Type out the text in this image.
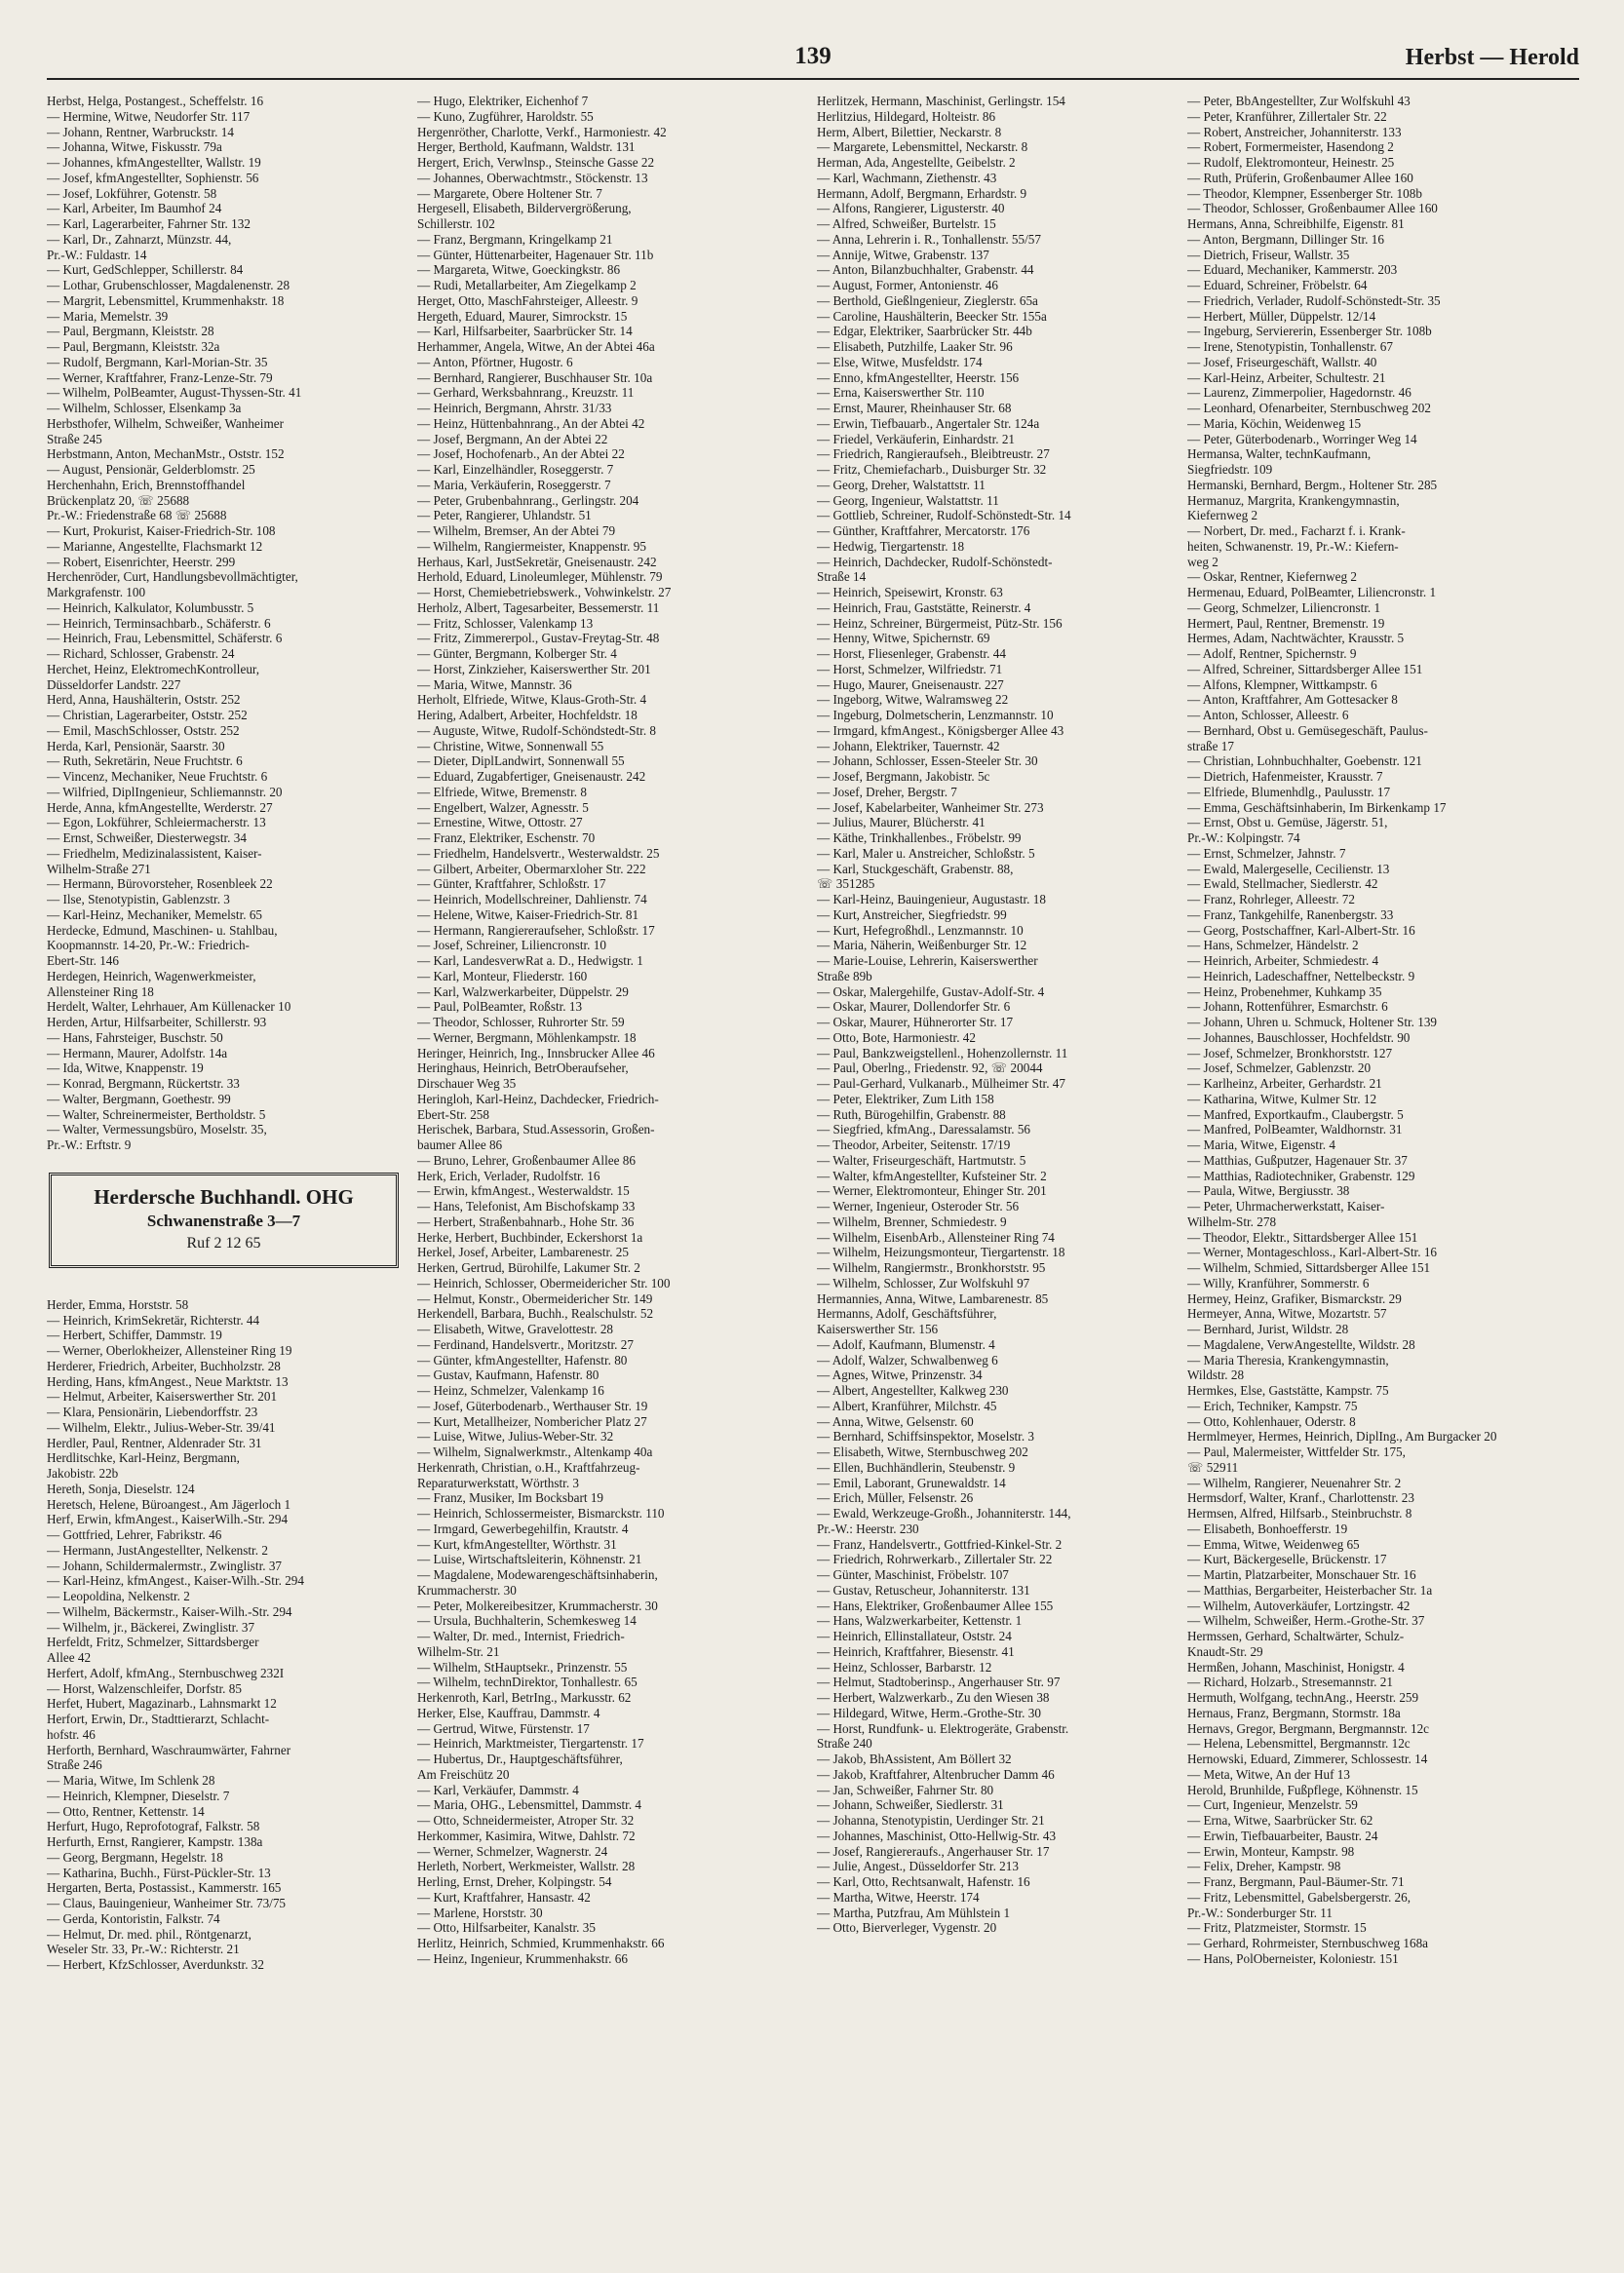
139	Herbst — Herold
Herbst, Helga, Postangest., Scheffelstr. 16
— Hermine, Witwe, Neudorfer Str. 117
— Johann, Rentner, Warbruckstr. 14
— Johanna, Witwe, Fiskusstr. 79a
— Johannes, kfmAngestellter, Wallstr. 19
— Josef, kfmAngestellter, Sophienstr. 56
— Josef, Lokführer, Gotenstr. 58
— Karl, Arbeiter, Im Baumhof 24
— Karl, Lagerarbeiter, Fahrner Str. 132
— Karl, Dr., Zahnarzt, Münzstr. 44,
Pr.-W.: Fuldastr. 14
— Kurt, GedSchlepper, Schillerstr. 84
— Lothar, Grubenschlosser, Magdalenenstr. 28
— Margrit, Lebensmittel, Krummenhakstr. 18
— Maria, Memelstr. 39
— Paul, Bergmann, Kleiststr. 28
— Paul, Bergmann, Kleiststr. 32a
— Rudolf, Bergmann, Karl-Morian-Str. 35
— Werner, Kraftfahrer, Franz-Lenze-Str. 79
— Wilhelm, PolBeamter, August-Thyssen-Str. 41
— Wilhelm, Schlosser, Elsenkamp 3a
Herbsthofer, Wilhelm, Schweißer, Wanheimer
Straße 245
Herbstmann, Anton, MechanMstr., Oststr. 152
— August, Pensionär, Gelderblomstr. 25
Herchenhahn, Erich, Brennstoffhandel
Brückenplatz 20, ☏ 25688
Pr.-W.: Friedenstraße 68 ☏ 25688
— Kurt, Prokurist, Kaiser-Friedrich-Str. 108
— Marianne, Angestellte, Flachsmarkt 12
— Robert, Eisenrichter, Heerstr. 299
Herchenröder, Curt, Handlungsbevollmächtigter,
Markgrafenstr. 100
— Heinrich, Kalkulator, Kolumbusstr. 5
— Heinrich, Terminsachbarb., Schäferstr. 6
— Heinrich, Frau, Lebensmittel, Schäferstr. 6
— Richard, Schlosser, Grabenstr. 24
Herchet, Heinz, ElektromechKontrolleur,
Düsseldorfer Landstr. 227
Herd, Anna, Haushälterin, Oststr. 252
— Christian, Lagerarbeiter, Oststr. 252
— Emil, MaschSchlosser, Oststr. 252
Herda, Karl, Pensionär, Saarstr. 30
— Ruth, Sekretärin, Neue Fruchtstr. 6
— Vincenz, Mechaniker, Neue Fruchtstr. 6
— Wilfried, DiplIngenieur, Schliemannstr. 20
Herde, Anna, kfmAngestellte, Werderstr. 27
— Egon, Lokführer, Schleiermacherstr. 13
— Ernst, Schweißer, Diesterwegstr. 34
— Friedhelm, Medizinalassistent, Kaiser-
Wilhelm-Straße 271
— Hermann, Bürovorsteher, Rosenbleek 22
— Ilse, Stenotypistin, Gablenzstr. 3
— Karl-Heinz, Mechaniker, Memelstr. 65
Herdecke, Edmund, Maschinen- u. Stahlbau,
Koopmannstr. 14-20, Pr.-W.: Friedrich-
Ebert-Str. 146
Herdegen, Heinrich, Wagenwerkmeister,
Allensteiner Ring 18
Herdelt, Walter, Lehrhauer, Am Küllenacker 10
Herden, Artur, Hilfsarbeiter, Schillerstr. 93
— Hans, Fahrsteiger, Buschstr. 50
— Hermann, Maurer, Adolfstr. 14a
— Ida, Witwe, Knappenstr. 19
— Konrad, Bergmann, Rückertstr. 33
— Walter, Bergmann, Goethestr. 99
— Walter, Schreinermeister, Bertholdstr. 5
— Walter, Vermessungsbüro, Moselstr. 35,
Pr.-W.: Erftstr. 9
Herdersche Buchhandl. OHG
Schwanenstraße 3—7
Ruf 2 12 65
Herder, Emma, Horststr. 58
— Heinrich, KrimSekretär, Richterstr. 44
— Herbert, Schiffer, Dammstr. 19
— Werner, Oberlokheizer, Allensteiner Ring 19
Herderer, Friedrich, Arbeiter, Buchholzstr. 28
Herding, Hans, kfmAngest., Neue Marktstr. 13
— Helmut, Arbeiter, Kaiserswerther Str. 201
— Klara, Pensionärin, Liebendorffstr. 23
— Wilhelm, Elektr., Julius-Weber-Str. 39/41
Herdler, Paul, Rentner, Aldenrader Str. 31
Herdlitschke, Karl-Heinz, Bergmann,
Jakobistr. 22b
Hereth, Sonja, Dieselstr. 124
Heretsch, Helene, Büroangest., Am Jägerloch 1
Herf, Erwin, kfmAngest., KaiserWilh.-Str. 294
— Gottfried, Lehrer, Fabrikstr. 46
— Hermann, JustAngestellter, Nelkenstr. 2
— Johann, Schildermalermstr., Zwinglistr. 37
— Karl-Heinz, kfmAngest., Kaiser-Wilh.-Str. 294
— Leopoldina, Nelkenstr. 2
— Wilhelm, Bäckermstr., Kaiser-Wilh.-Str. 294
— Wilhelm, jr., Bäckerei, Zwinglistr. 37
Herfeldt, Fritz, Schmelzer, Sittardsberger
Allee 42
Herfert, Adolf, kfmAng., Sternbuschweg 232I
— Horst, Walzenschleifer, Dorfstr. 85
Herfet, Hubert, Magazinarb., Lahnsmarkt 12
Herfort, Erwin, Dr., Stadttierarzt, Schlacht-
hofstr. 46
Herforth, Bernhard, Waschraumwärter, Fahrner
Straße 246
— Maria, Witwe, Im Schlenk 28
— Heinrich, Klempner, Dieselstr. 7
— Otto, Rentner, Kettenstr. 14
Herfurt, Hugo, Reprofotograf, Falkstr. 58
Herfurth, Ernst, Rangierer, Kampstr. 138a
— Georg, Bergmann, Hegelstr. 18
— Katharina, Buchh., Fürst-Pückler-Str. 13
Hergarten, Berta, Postassist., Kammerstr. 165
— Claus, Bauingenieur, Wanheimer Str. 73/75
— Gerda, Kontoristin, Falkstr. 74
— Helmut, Dr. med. phil., Röntgenarzt,
Weseler Str. 33, Pr.-W.: Richterstr. 21
— Herbert, KfzSchlosser, Averdunkstr. 32
— Hugo, Elektriker, Eichenhof 7
— Kuno, Zugführer, Haroldstr. 55
Hergenröther, Charlotte, Verkf., Harmoniestr. 42
Herger, Berthold, Kaufmann, Waldstr. 131
Hergert, Erich, Verwlnsp., Steinsche Gasse 22
— Johannes, Oberwachtmstr., Stöckenstr. 13
— Margarete, Obere Holtener Str. 7
Hergesell, Elisabeth, Bildervergrößerung,
Schillerstr. 102
— Franz, Bergmann, Kringelkamp 21
— Günter, Hüttenarbeiter, Hagenauer Str. 11b
— Margareta, Witwe, Goeckingkstr. 86
— Rudi, Metallarbeiter, Am Ziegelkamp 2
Herget, Otto, MaschFahrsteiger, Alleestr. 9
Hergeth, Eduard, Maurer, Simrockstr. 15
— Karl, Hilfsarbeiter, Saarbrücker Str. 14
Herhammer, Angela, Witwe, An der Abtei 46a
— Anton, Pförtner, Hugostr. 6
— Bernhard, Rangierer, Buschhauser Str. 10a
— Gerhard, Werksbahnrang., Kreuzstr. 11
— Heinrich, Bergmann, Ahrstr. 31/33
— Heinz, Hüttenbahnrang., An der Abtei 42
— Josef, Bergmann, An der Abtei 22
— Josef, Hochofenarb., An der Abtei 22
— Karl, Einzelhändler, Roseggerstr. 7
— Maria, Verkäuferin, Roseggerstr. 7
— Peter, Grubenbahnrang., Gerlingstr. 204
— Peter, Rangierer, Uhlandstr. 51
— Wilhelm, Bremser, An der Abtei 79
— Wilhelm, Rangiermeister, Knappenstr. 95
Herhaus, Karl, JustSekretär, Gneisenaustr. 242
Herhold, Eduard, Linoleumleger, Mühlenstr. 79
— Horst, Chemiebetriebswerk., Vohwinkelstr. 27
Herholz, Albert, Tagesarbeiter, Bessemerstr. 11
— Fritz, Schlosser, Valenkamp 13
— Fritz, Zimmererpol., Gustav-Freytag-Str. 48
— Günter, Bergmann, Kolberger Str. 4
— Horst, Zinkzieher, Kaiserswerther Str. 201
— Maria, Witwe, Mannstr. 36
Herholt, Elfriede, Witwe, Klaus-Groth-Str. 4
Hering, Adalbert, Arbeiter, Hochfeldstr. 18
— Auguste, Witwe, Rudolf-Schöndstedt-Str. 8
— Christine, Witwe, Sonnenwall 55
— Dieter, DiplLandwirt, Sonnenwall 55
— Eduard, Zugabfertiger, Gneisenaustr. 242
— Elfriede, Witwe, Bremenstr. 8
— Engelbert, Walzer, Agnesstr. 5
— Ernestine, Witwe, Ottostr. 27
— Franz, Elektriker, Eschenstr. 70
— Friedhelm, Handelsvertr., Westerwaldstr. 25
— Gilbert, Arbeiter, Obermarxloher Str. 222
— Günter, Kraftfahrer, Schloßstr. 17
— Heinrich, Modellschreiner, Dahlienstr. 74
— Helene, Witwe, Kaiser-Friedrich-Str. 81
— Hermann, Rangiereraufseher, Schloßstr. 17
— Josef, Schreiner, Liliencronstr. 10
— Karl, LandesverwRat a. D., Hedwigstr. 1
— Karl, Monteur, Fliederstr. 160
— Karl, Walzwerkarbeiter, Düppelstr. 29
— Paul, PolBeamter, Roßstr. 13
— Theodor, Schlosser, Ruhrorter Str. 59
— Werner, Bergmann, Möhlenkampstr. 18
Heringer, Heinrich, Ing., Innsbrucker Allee 46
Heringhaus, Heinrich, BetrOberaufseher,
Dirschauer Weg 35
Heringloh, Karl-Heinz, Dachdecker, Friedrich-
Ebert-Str. 258
Herischek, Barbara, Stud.Assessorin, Großen-
baumer Allee 86
— Bruno, Lehrer, Großenbaumer Allee 86
Herk, Erich, Verlader, Rudolfstr. 16
— Erwin, kfmAngest., Westerwaldstr. 15
— Hans, Telefonist, Am Bischofskamp 33
— Herbert, Straßenbahnarb., Hohe Str. 36
Herke, Herbert, Buchbinder, Eckershorst 1a
Herkel, Josef, Arbeiter, Lambarenestr. 25
Herken, Gertrud, Bürohilfe, Lakumer Str. 2
— Heinrich, Schlosser, Obermeidericher Str. 100
— Helmut, Konstr., Obermeidericher Str. 149
Herkendell, Barbara, Buchh., Realschulstr. 52
— Elisabeth, Witwe, Gravelottestr. 28
— Ferdinand, Handelsvertr., Moritzstr. 27
— Günter, kfmAngestellter, Hafenstr. 80
— Gustav, Kaufmann, Hafenstr. 80
— Heinz, Schmelzer, Valenkamp 16
— Josef, Güterbodenarb., Werthauser Str. 19
— Kurt, Metallheizer, Nombericher Platz 27
— Luise, Witwe, Julius-Weber-Str. 32
— Wilhelm, Signalwerkmstr., Altenkamp 40a
Herkenrath, Christian, o.H., Kraftfahrzeug-
Reparaturwerkstatt, Wörthstr. 3
— Franz, Musiker, Im Bocksbart 19
— Heinrich, Schlossermeister, Bismarckstr. 110
— Irmgard, Gewerbegehilfin, Krautstr. 4
— Kurt, kfmAngestellter, Wörthstr. 31
— Luise, Wirtschaftsleiterin, Köhnenstr. 21
— Magdalene, Modewarengeschäftsinhaberin,
Krummacherstr. 30
— Peter, Molkereibesitzer, Krummacherstr. 30
— Ursula, Buchhalterin, Schemkesweg 14
— Walter, Dr. med., Internist, Friedrich-
Wilhelm-Str. 21
— Wilhelm, StHauptsekr., Prinzenstr. 55
— Wilhelm, technDirektor, Tonhallestr. 65
Herkenroth, Karl, BetrIng., Markusstr. 62
Herker, Else, Kauffrau, Dammstr. 4
— Gertrud, Witwe, Fürstenstr. 17
— Heinrich, Marktmeister, Tiergartenstr. 17
— Hubertus, Dr., Hauptgeschäftsführer,
Am Freischütz 20
— Karl, Verkäufer, Dammstr. 4
— Maria, OHG., Lebensmittel, Dammstr. 4
— Otto, Schneidermeister, Atroper Str. 32
Herkommer, Kasimira, Witwe, Dahlstr. 72
— Werner, Schmelzer, Wagnerstr. 24
Herleth, Norbert, Werkmeister, Wallstr. 28
Herling, Ernst, Dreher, Kolpingstr. 54
— Kurt, Kraftfahrer, Hansastr. 42
— Marlene, Horststr. 30
— Otto, Hilfsarbeiter, Kanalstr. 35
Herlitz, Heinrich, Schmied, Krummenhakstr. 66
— Heinz, Ingenieur, Krummenhakstr. 66
Herlitzek, Hermann, Maschinist, Gerlingstr. 154
Herlitzius, Hildegard, Holteistr. 86
Herm, Albert, Bilettier, Neckarstr. 8
— Margarete, Lebensmittel, Neckarstr. 8
Herman, Ada, Angestellte, Geibelstr. 2
— Karl, Wachmann, Ziethenstr. 43
Hermann, Adolf, Bergmann, Erhardstr. 9
— Alfons, Rangierer, Ligusterstr. 40
— Alfred, Schweißer, Burtelstr. 15
— Anna, Lehrerin i. R., Tonhallenstr. 55/57
— Annije, Witwe, Grabenstr. 137
— Anton, Bilanzbuchhalter, Grabenstr. 44
— August, Former, Antonienstr. 46
— Berthold, Gießlngenieur, Zieglerstr. 65a
— Caroline, Haushälterin, Beecker Str. 155a
— Edgar, Elektriker, Saarbrücker Str. 44b
— Elisabeth, Putzhilfe, Laaker Str. 96
— Else, Witwe, Musfeldstr. 174
— Enno, kfmAngestellter, Heerstr. 156
— Erna, Kaiserswerther Str. 110
— Ernst, Maurer, Rheinhauser Str. 68
— Erwin, Tiefbauarb., Angertaler Str. 124a
— Friedel, Verkäuferin, Einhardstr. 21
— Friedrich, Rangieraufseh., Bleibtreustr. 27
— Fritz, Chemiefacharb., Duisburger Str. 32
— Georg, Dreher, Walstattstr. 11
— Georg, Ingenieur, Walstattstr. 11
— Gottlieb, Schreiner, Rudolf-Schönstedt-Str. 14
— Günther, Kraftfahrer, Mercatorstr. 176
— Hedwig, Tiergartenstr. 18
— Heinrich, Dachdecker, Rudolf-Schönstedt-
Straße 14
— Heinrich, Speisewirt, Kronstr. 63
— Heinrich, Frau, Gaststätte, Reinerstr. 4
— Heinz, Schreiner, Bürgermeist, Pütz-Str. 156
— Henny, Witwe, Spichernstr. 69
— Horst, Fliesenleger, Grabenstr. 44
— Horst, Schmelzer, Wilfriedstr. 71
— Hugo, Maurer, Gneisenaustr. 227
— Ingeborg, Witwe, Walramsweg 22
— Ingeburg, Dolmetscherin, Lenzmannstr. 10
— Irmgard, kfmAngest., Königsberger Allee 43
— Johann, Elektriker, Tauernstr. 42
— Johann, Schlosser, Essen-Steeler Str. 30
— Josef, Bergmann, Jakobistr. 5c
— Josef, Dreher, Bergstr. 7
— Josef, Kabelarbeiter, Wanheimer Str. 273
— Julius, Maurer, Blücherstr. 41
— Käthe, Trinkhallenbes., Fröbelstr. 99
— Karl, Maler u. Anstreicher, Schloßstr. 5
— Karl, Stuckgeschäft, Grabenstr. 88,
☏ 351285
— Karl-Heinz, Bauingenieur, Augustastr. 18
— Kurt, Anstreicher, Siegfriedstr. 99
— Kurt, Hefegroßhdl., Lenzmannstr. 10
— Maria, Näherin, Weißenburger Str. 12
— Marie-Louise, Lehrerin, Kaiserswerther
Straße 89b
— Oskar, Malergehilfe, Gustav-Adolf-Str. 4
— Oskar, Maurer, Dollendorfer Str. 6
— Oskar, Maurer, Hühnerorter Str. 17
— Otto, Bote, Harmoniestr. 42
— Paul, Bankzweigstellenl., Hohenzollernstr. 11
— Paul, Oberlng., Friedenstr. 92, ☏ 20044
— Paul-Gerhard, Vulkanarb., Mülheimer Str. 47
— Peter, Elektriker, Zum Lith 158
— Ruth, Bürogehilfin, Grabenstr. 88
— Siegfried, kfmAng., Daressalamstr. 56
— Theodor, Arbeiter, Seitenstr. 17/19
— Walter, Friseurgeschäft, Hartmutstr. 5
— Walter, kfmAngestellter, Kufsteiner Str. 2
— Werner, Elektromonteur, Ehinger Str. 201
— Werner, Ingenieur, Osteroder Str. 56
— Wilhelm, Brenner, Schmiedestr. 9
— Wilhelm, EisenbArb., Allensteiner Ring 74
— Wilhelm, Heizungsmonteur, Tiergartenstr. 18
— Wilhelm, Rangiermstr., Bronkhorststr. 95
— Wilhelm, Schlosser, Zur Wolfskuhl 97
Hermannies, Anna, Witwe, Lambarenestr. 85
Hermanns, Adolf, Geschäftsführer,
Kaiserswerther Str. 156
— Adolf, Kaufmann, Blumenstr. 4
— Adolf, Walzer, Schwalbenweg 6
— Agnes, Witwe, Prinzenstr. 34
— Albert, Angestellter, Kalkweg 230
— Albert, Kranführer, Milchstr. 45
— Anna, Witwe, Gelsenstr. 60
— Bernhard, Schiffsinspektor, Moselstr. 3
— Elisabeth, Witwe, Sternbuschweg 202
— Ellen, Buchhändlerin, Steubenstr. 9
— Emil, Laborant, Grunewaldstr. 14
— Erich, Müller, Felsenstr. 26
— Ewald, Werkzeuge-Großh., Johanniterstr. 144,
Pr.-W.: Heerstr. 230
— Franz, Handelsvertr., Gottfried-Kinkel-Str. 2
— Friedrich, Rohrwerkarb., Zillertaler Str. 22
— Günter, Maschinist, Fröbelstr. 107
— Gustav, Retuscheur, Johanniterstr. 131
— Hans, Elektriker, Großenbaumer Allee 155
— Hans, Walzwerkarbeiter, Kettenstr. 1
— Heinrich, Ellinstallateur, Oststr. 24
— Heinrich, Kraftfahrer, Biesenstr. 41
— Heinz, Schlosser, Barbarstr. 12
— Helmut, Stadtoberinsp., Angerhauser Str. 97
— Herbert, Walzwerkarb., Zu den Wiesen 38
— Hildegard, Witwe, Herm.-Grothe-Str. 30
— Horst, Rundfunk- u. Elektrogeräte, Grabenstr.
Straße 240
— Jakob, BhAssistent, Am Böllert 32
— Jakob, Kraftfahrer, Altenbrucher Damm 46
— Jan, Schweißer, Fahrner Str. 80
— Johann, Schweißer, Siedlerstr. 31
— Johanna, Stenotypistin, Uerdinger Str. 21
— Johannes, Maschinist, Otto-Hellwig-Str. 43
— Josef, Rangiereraufs., Angerhauser Str. 17
— Julie, Angest., Düsseldorfer Str. 213
— Karl, Otto, Rechtsanwalt, Hafenstr. 16
— Martha, Witwe, Heerstr. 174
— Martha, Putzfrau, Am Mühlstein 1
— Otto, Bierverleger, Vygenstr. 20
— Peter, BbAngestellter, Zur Wolfskuhl 43
— Peter, Kranführer, Zillertaler Str. 22
— Robert, Anstreicher, Johanniterstr. 133
— Robert, Formermeister, Hasendong 2
— Rudolf, Elektromonteur, Heinestr. 25
— Ruth, Prüferin, Großenbaumer Allee 160
— Theodor, Klempner, Essenberger Str. 108b
— Theodor, Schlosser, Großenbaumer Allee 160
Hermans, Anna, Schreibhilfe, Eigenstr. 81
— Anton, Bergmann, Dillinger Str. 16
— Dietrich, Friseur, Wallstr. 35
— Eduard, Mechaniker, Kammerstr. 203
— Eduard, Schreiner, Fröbelstr. 64
— Friedrich, Verlader, Rudolf-Schönstedt-Str. 35
— Herbert, Müller, Düppelstr. 12/14
— Ingeburg, Serviererin, Essenberger Str. 108b
— Irene, Stenotypistin, Tonhallenstr. 67
— Josef, Friseurgeschäft, Wallstr. 40
— Karl-Heinz, Arbeiter, Schultestr. 21
— Laurenz, Zimmerpolier, Hagedornstr. 46
— Leonhard, Ofenarbeiter, Sternbuschweg 202
— Maria, Köchin, Weidenweg 15
— Peter, Güterbodenarb., Worringer Weg 14
Hermansa, Walter, technKaufmann,
Siegfriedstr. 109
Hermanski, Bernhard, Bergm., Holtener Str. 285
Hermanuz, Margrita, Krankengymnastin,
Kiefernweg 2
— Norbert, Dr. med., Facharzt f. i. Krank-
heiten, Schwanenstr. 19, Pr.-W.: Kiefern-
weg 2
— Oskar, Rentner, Kiefernweg 2
Hermenau, Eduard, PolBeamter, Liliencronstr. 1
— Georg, Schmelzer, Liliencronstr. 1
Hermert, Paul, Rentner, Bremenstr. 19
Hermes, Adam, Nachtwächter, Krausstr. 5
— Adolf, Rentner, Spichernstr. 9
— Alfred, Schreiner, Sittardsberger Allee 151
— Alfons, Klempner, Wittkampstr. 6
— Anton, Kraftfahrer, Am Gottesacker 8
— Anton, Schlosser, Alleestr. 6
— Bernhard, Obst u. Gemüsegeschäft, Paulus-
straße 17
— Christian, Lohnbuchhalter, Goebenstr. 121
— Dietrich, Hafenmeister, Krausstr. 7
— Elfriede, Blumenhdlg., Paulusstr. 17
— Emma, Geschäftsinhaberin, Im Birkenkamp 17
— Ernst, Obst u. Gemüse, Jägerstr. 51,
Pr.-W.: Kolpingstr. 74
— Ernst, Schmelzer, Jahnstr. 7
— Ewald, Malergeselle, Cecilienstr. 13
— Ewald, Stellmacher, Siedlerstr. 42
— Franz, Rohrleger, Alleestr. 72
— Franz, Tankgehilfe, Ranenbergstr. 33
— Georg, Postschaffner, Karl-Albert-Str. 16
— Hans, Schmelzer, Händelstr. 2
— Heinrich, Arbeiter, Schmiedestr. 4
— Heinrich, Ladeschaffner, Nettelbeckstr. 9
— Heinz, Probenehmer, Kuhkamp 35
— Johann, Rottenführer, Esmarchstr. 6
— Johann, Uhren u. Schmuck, Holtener Str. 139
— Johannes, Bauschlosser, Hochfeldstr. 90
— Josef, Schmelzer, Bronkhorststr. 127
— Josef, Schmelzer, Gablenzstr. 20
— Karlheinz, Arbeiter, Gerhardstr. 21
— Katharina, Witwe, Kulmer Str. 12
— Manfred, Exportkaufm., Claubergstr. 5
— Manfred, PolBeamter, Waldhornstr. 31
— Maria, Witwe, Eigenstr. 4
— Matthias, Gußputzer, Hagenauer Str. 37
— Matthias, Radiotechniker, Grabenstr. 129
— Paula, Witwe, Bergiusstr. 38
— Peter, Uhrmacherwerkstatt, Kaiser-
Wilhelm-Str. 278
— Theodor, Elektr., Sittardsberger Allee 151
— Werner, Montageschloss., Karl-Albert-Str. 16
— Wilhelm, Schmied, Sittardsberger Allee 151
— Willy, Kranführer, Sommerstr. 6
Hermey, Heinz, Grafiker, Bismarckstr. 29
Hermeyer, Anna, Witwe, Mozartstr. 57
— Bernhard, Jurist, Wildstr. 28
— Magdalene, VerwAngestellte, Wildstr. 28
— Maria Theresia, Krankengymnastin,
Wildstr. 28
Hermkes, Else, Gaststätte, Kampstr. 75
— Erich, Techniker, Kampstr. 75
— Otto, Kohlenhauer, Oderstr. 8
Hermlmeyer, Hermes, Heinrich, DiplIng., Am Burgacker 20
— Paul, Malermeister, Wittfelder Str. 175,
☏ 52911
— Wilhelm, Rangierer, Neuenahrer Str. 2
Hermsdorf, Walter, Kranf., Charlottenstr. 23
Hermsen, Alfred, Hilfsarb., Steinbruchstr. 8
— Elisabeth, Bonhoefferstr. 19
— Emma, Witwe, Weidenweg 65
— Kurt, Bäckergeselle, Brückenstr. 17
— Martin, Platzarbeiter, Monschauer Str. 16
— Matthias, Bergarbeiter, Heisterbacher Str. 1a
— Wilhelm, Autoverkäufer, Lortzingstr. 42
— Wilhelm, Schweißer, Herm.-Grothe-Str. 37
Hermssen, Gerhard, Schaltwärter, Schulz-
Knaudt-Str. 29
Hermßen, Johann, Maschinist, Honigstr. 4
— Richard, Holzarb., Stresemannstr. 21
Hermuth, Wolfgang, technAng., Heerstr. 259
Hernaus, Franz, Bergmann, Stormstr. 18a
Hernavs, Gregor, Bergmann, Bergmannstr. 12c
— Helena, Lebensmittel, Bergmannstr. 12c
Hernowski, Eduard, Zimmerer, Schlossestr. 14
— Meta, Witwe, An der Huf 13
Herold, Brunhilde, Fußpflege, Köhnenstr. 15
— Curt, Ingenieur, Menzelstr. 59
— Erna, Witwe, Saarbrücker Str. 62
— Erwin, Tiefbauarbeiter, Baustr. 24
— Erwin, Monteur, Kampstr. 98
— Felix, Dreher, Kampstr. 98
— Franz, Bergmann, Paul-Bäumer-Str. 71
— Fritz, Lebensmittel, Gabelsbergerstr. 26,
Pr.-W.: Sonderburger Str. 11
— Fritz, Platzmeister, Stormstr. 15
— Gerhard, Rohrmeister, Sternbuschweg 168a
— Hans, PolOberneister, Koloniestr. 151
